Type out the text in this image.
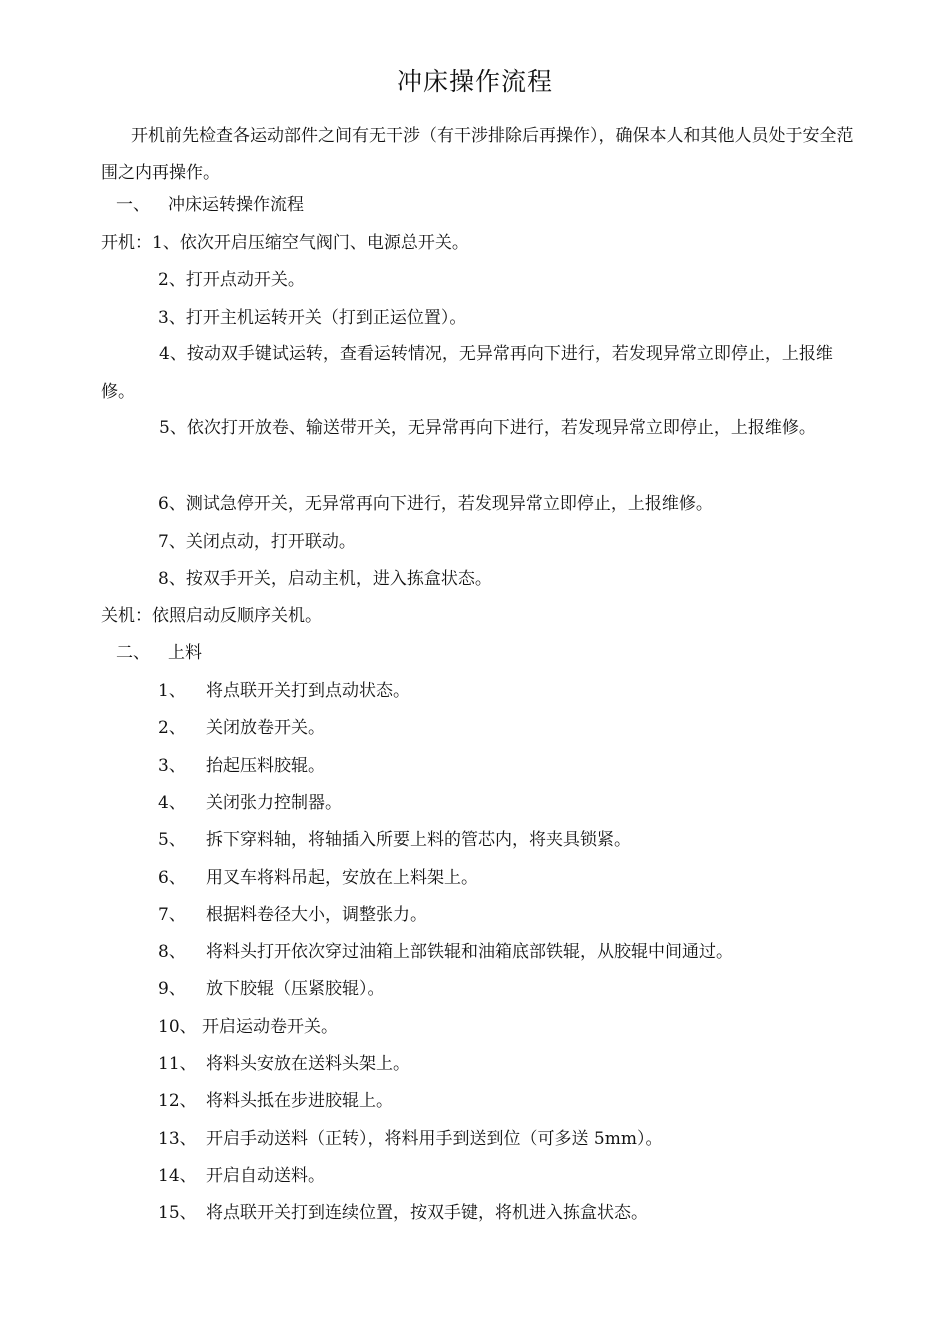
冲床操作流程
开机前先检查各运动部件之间有无干涉（有干涉排除后再操作），确保本人和其他人员处于安全范围之内再操作。
一、 冲床运转操作流程
开机：1、依次开启压缩空气阀门、电源总开关。
2、打开点动开关。
3、打开主机运转开关（打到正运位置）。
4、按动双手键试运转，查看运转情况，无异常再向下进行，若发现异常立即停止，上报维修。
5、依次打开放卷、输送带开关，无异常再向下进行，若发现异常立即停止，上报维修。
6、测试急停开关，无异常再向下进行，若发现异常立即停止，上报维修。
7、关闭点动，打开联动。
8、按双手开关，启动主机，进入拣盒状态。
关机：依照启动反顺序关机。
二、 上料
1、 将点联开关打到点动状态。
2、 关闭放卷开关。
3、 抬起压料胶辊。
4、 关闭张力控制器。
5、 拆下穿料轴，将轴插入所要上料的管芯内，将夹具锁紧。
6、 用叉车将料吊起，安放在上料架上。
7、 根据料卷径大小，调整张力。
8、 将料头打开依次穿过油箱上部铁辊和油箱底部铁辊，从胶辊中间通过。
9、 放下胶辊（压紧胶辊）。
10、 开启运动卷开关。
11、 将料头安放在送料头架上。
12、 将料头抵在步进胶辊上。
13、 开启手动送料（正转），将料用手到送到位（可多送 5mm）。
14、 开启自动送料。
15、 将点联开关打到连续位置，按双手键，将机进入拣盒状态。
